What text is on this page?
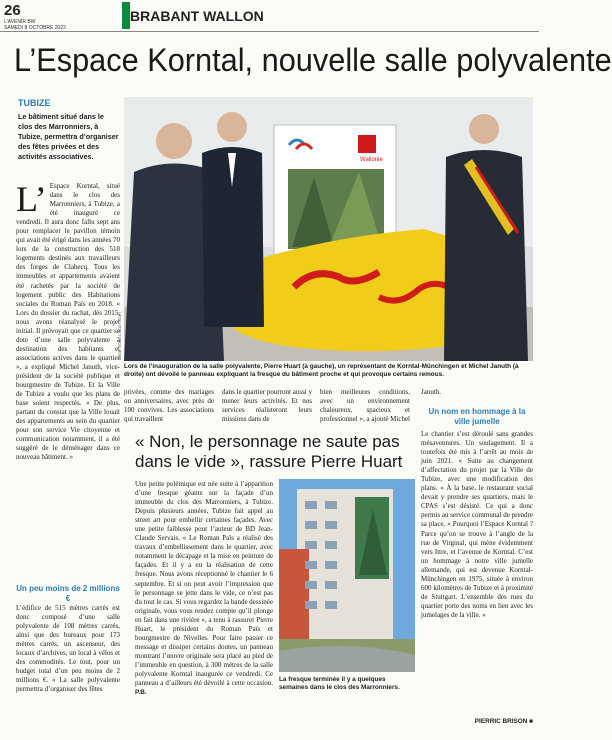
26
L'AVENIR BW
SAMEDI 8 OCTOBRE 2022
BRABANT WALLON
L’Espace Korntal, nouvelle salle polyvalente
TUBIZE
Le bâtiment situé dans le clos des Marronniers, à Tubize, permettra d’organiser des fêtes privées et des activités associatives.
L’ Espace Korntal, situé dans le clos des Marronniers, à Tubize, a été inauguré ce vendredi. Il aura donc fallu sept ans pour remplacer le pavillon témoin qui avait été érigé dans les années 70 lors de la construction des 518 logements destinés aux travailleurs des forges de Clabecq. Tous les immeubles et appartements avaient été rachetés par la société de logement public des Habitations sociales du Roman Païs en 2018. « Lors du dossier du rachat, dès 2015, nous avons réanalysé le projet initial. Il prévoyait que ce quartier se dote d’une salle polyvalente à destination des habitants et associations actives dans le quartier », a expliqué Michel Januth, vice-président de la société publique et bourgmestre de Tubize. Et la Ville de Tubize a voulu que les plans de base soient respectés. « De plus, partant du constat que la Ville louait des appartements au sein du quartier pour son service Vie citoyenne et communication notamment, il a été suggéré de le déménager dans ce nouveau bâtiment. »
Un peu moins de 2 millions €
L’édifice de 515 mètres carrés est donc composé d’une salle polyvalente de 108 mètres carrés, ainsi que des bureaux pour 173 mètres carrés, un ascenseur, des locaux d’archives, un local à vélos et des commodités. Le tout, pour un budget total d’un peu moins de 2 millions €. « La salle polyvalente permettra d’organiser des fêtes
Wallonie
AMDB - EDA/J.C.BOUTTELET
Lors de l’inauguration de la salle polyvalente, Pierre Huart (à gauche), un représentant de Korntal-Münchingen et Michel Januth (à droite) ont dévoilé le panneau expliquant la fresque du bâtiment proche et qui provoque certains remous.
privées, comme des mariages ou anniversaires, avec près de 100 convives. Les associations qui travaillent
dans le quartier pourront aussi y mener leurs activités. Et nos services réalisteront leurs missions dans de
bien meilleures conditions, avec un environnement chaleureux, spacieux et professionnel », a ajouté Michel
Januth.
« Non, le personnage ne saute pas dans le vide », rassure Pierre Huart
Une petite polémique est née suite à l’apparition d’une fresque géante sur la façade d’un immeuble du clos des Marronniers, à Tubize. Depuis plusieurs années, Tubize fait appel au street art pour embellir certaines façades. Avec une petite faiblesse pour l’auteur de BD Jean-Claude Servais. « Le Roman Païs a réalisé des travaux d’embellissement dans le quartier, avec notamment le décapage et la mise en peinture de façades. Et il y a eu la réalisation de cette fresque. Nous avons réceptionné le chantier le 6 septembre. Et si on peut avoir l’impression que le personnage se jette dans le vide, ce n’est pas du tout le cas. Si vous regardez la bande dessinée originale, vous vous rendez compte qu’il plonge en fait dans une rivière », a tenu à rassurer Pierre Huart, le président du Roman Païs et bourgmestre de Nivelles. Pour faire passer ce message et dissiper certains doutes, un panneau montrant l’œuvre originale sera placé au pied de l’immeuble en question, à 300 mètres de la salle polyvalente Korntal inaugurée ce vendredi. Ce panneau a d’ailleurs été dévoilé à cette occasion. P.B.
La fresque terminée il y a quelques semaines dans le clos des Marronniers.
Un nom en hommage à la ville jumelle
Le chantier s’est déroulé sans grandes mésaventures. Un soulagement. Il a toutefois été mis à l’arrêt au mois de juin 2021. « Suite au changement d’affectation du projet par la Ville de Tubize, avec une modification des plans. » À la base, le restaurant social devait y prendre ses quartiers, mais le CPAS s’est désisté. Ce qui a donc permis au service communal de prendre sa place. « Pourquoi l’Espace Korntal ? Parce qu’on se trouve à l’angle de la rue de Virginal, qui mène évidemment vers Ittre, et l’avenue de Korntal. C’est un hommage à notre ville jumelle allemande, qui est devenue Korntal-Münchingen en 1975, située à environ 600 kilomètres de Tubize et à proximité de Stuttgart. L’ensemble des rues du quartier porte des noms en lien avec les jumelages de la ville. »
PIERRIC BRISON ■
